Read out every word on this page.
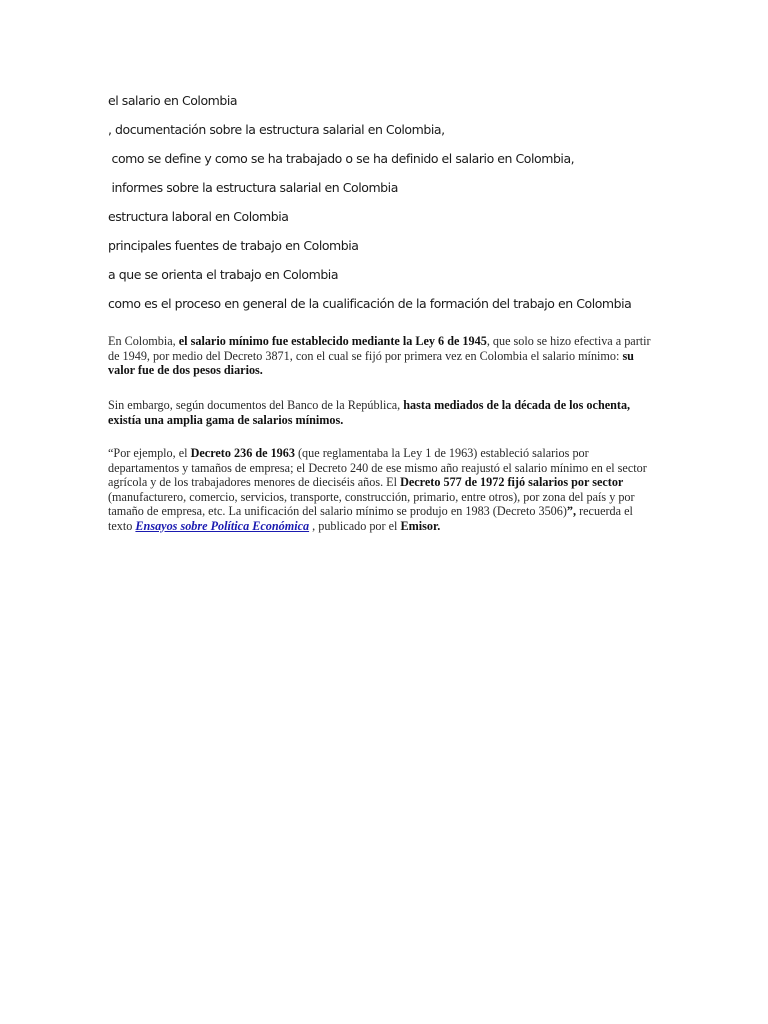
el salario en Colombia
, documentación sobre la estructura salarial en Colombia,
como se define y como se ha trabajado o se ha definido el salario en Colombia,
informes sobre la estructura salarial en Colombia
estructura laboral en Colombia
principales fuentes de trabajo en Colombia
a que se orienta el trabajo en Colombia
como es el proceso en general de la cualificación de la formación del trabajo en Colombia
En Colombia, el salario mínimo fue establecido mediante la Ley 6 de 1945, que solo se hizo efectiva a partir de 1949, por medio del Decreto 3871, con el cual se fijó por primera vez en Colombia el salario mínimo: su valor fue de dos pesos diarios.
Sin embargo, según documentos del Banco de la República, hasta mediados de la década de los ochenta, existía una amplia gama de salarios mínimos.
“Por ejemplo, el Decreto 236 de 1963 (que reglamentaba la Ley 1 de 1963) estableció salarios por departamentos y tamaños de empresa; el Decreto 240 de ese mismo año reajustó el salario mínimo en el sector agrícola y de los trabajadores menores de dieciséis años. El Decreto 577 de 1972 fijó salarios por sector (manufacturero, comercio, servicios, transporte, construcción, primario, entre otros), por zona del país y por tamaño de empresa, etc. La unificación del salario mínimo se produjo en 1983 (Decreto 3506)”, recuerda el texto Ensayos sobre Política Económica , publicado por el Emisor.
